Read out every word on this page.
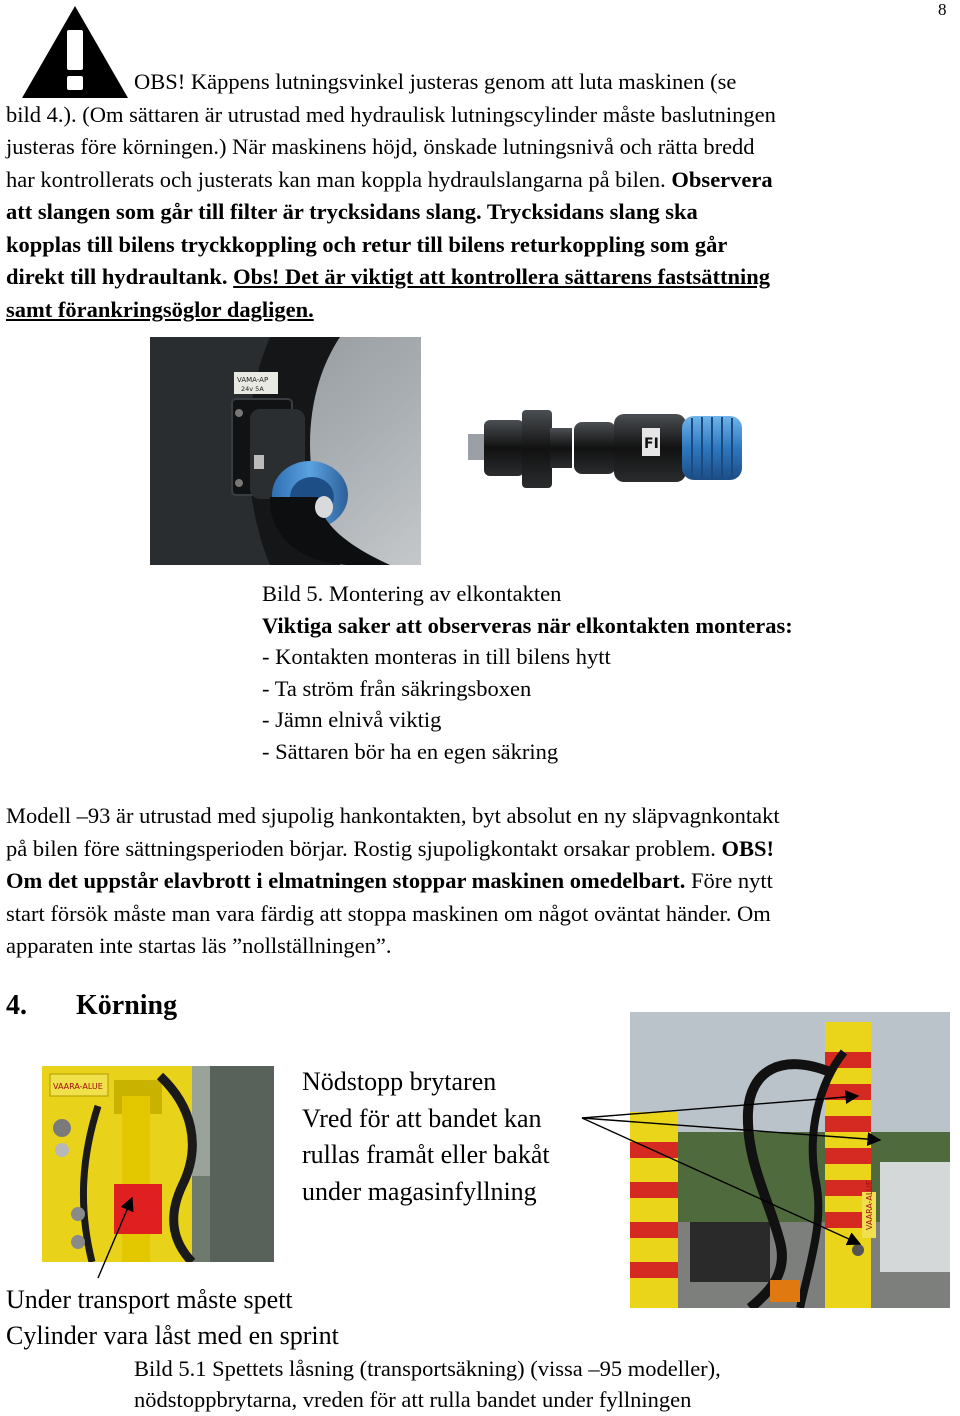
8
OBS! Käppens lutningsvinkel justeras genom att luta maskinen (se
bild 4.). (Om sättaren är utrustad med hydraulisk lutningscylinder måste baslutningen
justeras före körningen.) När maskinens höjd, önskade lutningsnivå och rätta bredd
har kontrollerats och justerats kan man koppla hydraulslangarna på bilen. Observera
att slangen som går till filter är trycksidans slang. Trycksidans slang ska
kopplas till bilens tryckkoppling och retur till bilens returkoppling som går
direkt till hydraultank. Obs! Det är viktigt att kontrollera sättarens fastsättning
samt förankringsöglor dagligen.
VAMA-AP
24v 5A
FI
Bild 5. Montering av elkontakten
Viktiga saker att observeras när elkontakten monteras:
- Kontakten monteras in till bilens hytt
- Ta ström från säkringsboxen
- Jämn elnivå viktig
- Sättaren bör ha en egen säkring
Modell –93 är utrustad med sjupolig hankontakten, byt absolut en ny släpvagnkontakt
på bilen före sättningsperioden börjar. Rostig sjupoligkontakt orsakar problem. OBS!
Om det uppstår elavbrott i elmatningen stoppar maskinen omedelbart. Före nytt
start försök måste man vara färdig att stoppa maskinen om något oväntat händer. Om
apparaten inte startas läs ”nollställningen”.
4. Körning
VAARA-ALUE
VAARA-ALUE
Nödstopp brytaren
Vred för att bandet kan
rullas framåt eller bakåt
under magasinfyllning
Under transport måste spett
Cylinder vara låst med en sprint
Bild 5.1 Spettets låsning (transportsäkning) (vissa –95 modeller),
nödstoppbrytarna, vreden för att rulla bandet under fyllningen
